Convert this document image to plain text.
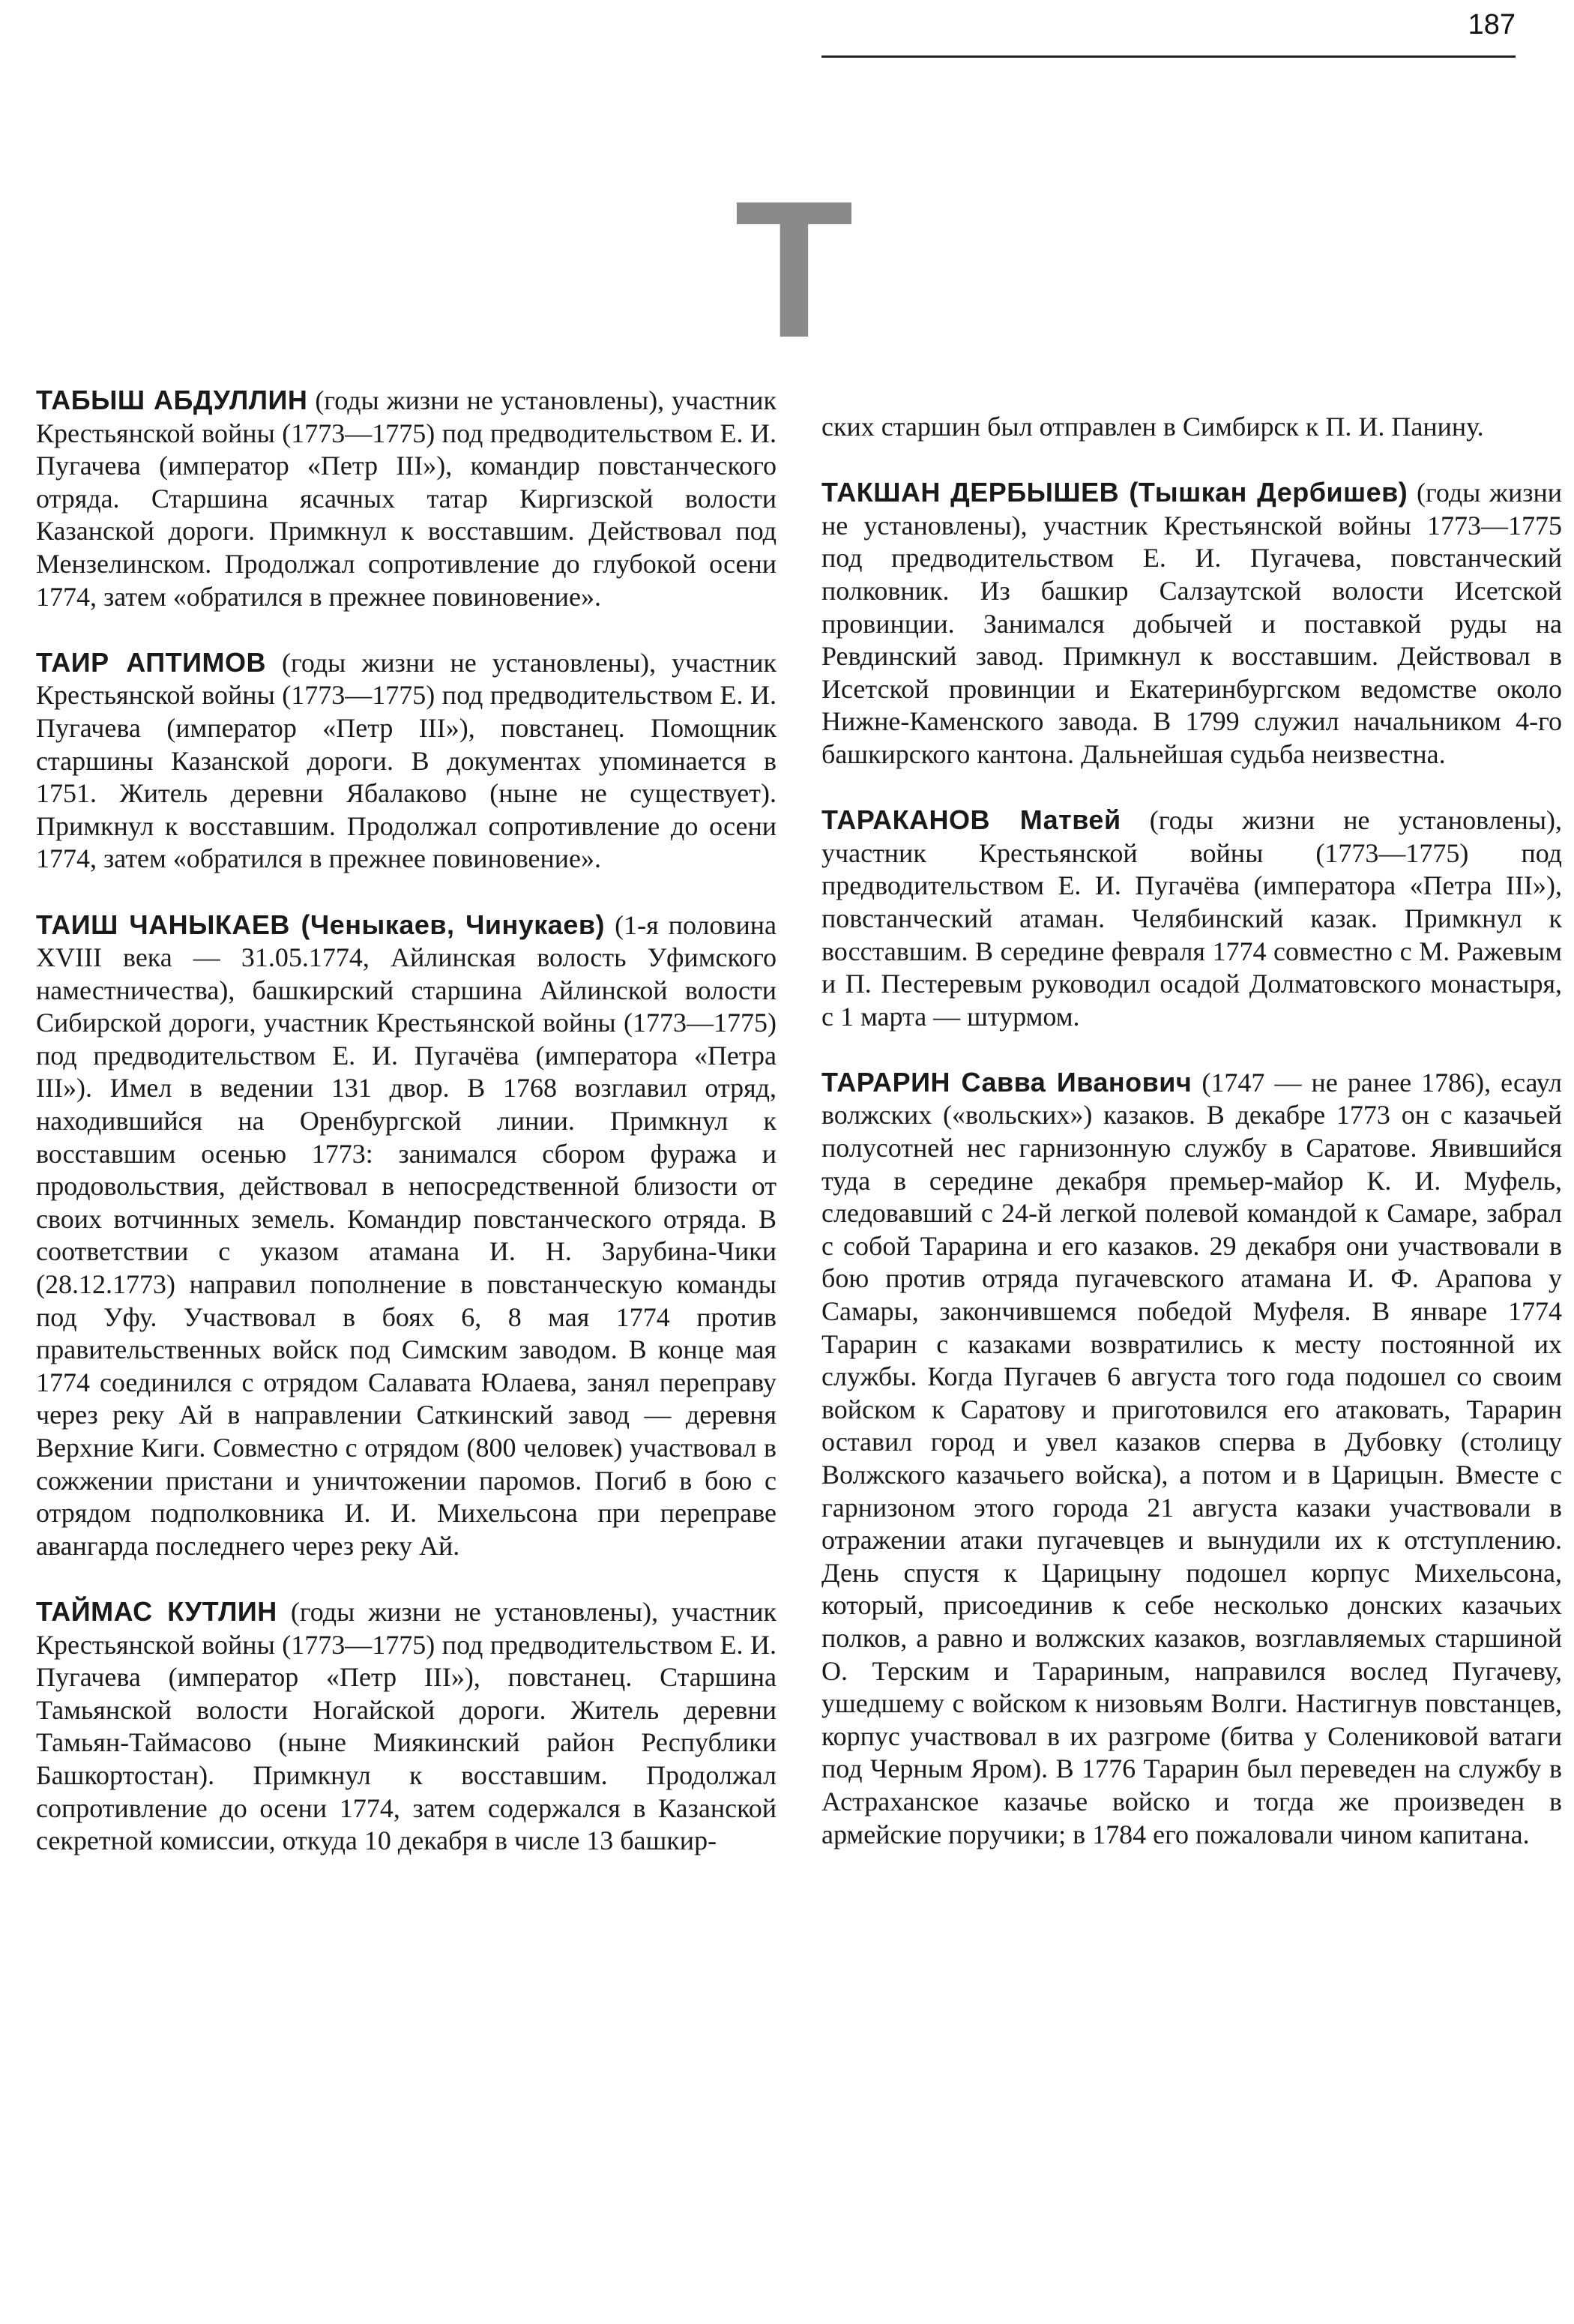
187
Т

ТАБЫШ АБДУЛЛИН (годы жизни не установлены), участник Крестьянской войны (1773—1775) под предводительством Е. И. Пугачева (император «Петр III»), командир повстанческого отряда. Старшина ясачных татар Киргизской волости Казанской дороги. Примкнул к восставшим. Действовал под Мензелинском. Продолжал сопротивление до глубокой осени 1774, затем «обратился в прежнее повиновение».

ТАИР АПТИМОВ (годы жизни не установлены), участник Крестьянской войны (1773—1775) под предводительством Е. И. Пугачева (император «Петр III»), повстанец. Помощник старшины Казанской дороги. В документах упоминается в 1751. Житель деревни Ябалаково (ныне не существует). Примкнул к восставшим. Продолжал сопротивление до осени 1774, затем «обратился в прежнее повиновение».

ТАИШ ЧАНЫКАЕВ (Ченыкаев, Чинукаев) (1-я половина XVIII века — 31.05.1774, Айлинская волость Уфимского наместничества), башкирский старшина Айлинской волости Сибирской дороги, участник Крестьянской войны (1773—1775) под предводительством Е. И. Пугачёва (императора «Петра III»). Имел в ведении 131 двор. В 1768 возглавил отряд, находившийся на Оренбургской линии. Примкнул к восставшим осенью 1773: занимался сбором фуража и продовольствия, действовал в непосредственной близости от своих вотчинных земель. Командир повстанческого отряда. В соответствии с указом атамана И. Н. Зарубина-Чики (28.12.1773) направил пополнение в повстанческую команды под Уфу. Участвовал в боях 6, 8 мая 1774 против правительственных войск под Симским заводом. В конце мая 1774 соединился с отрядом Салавата Юлаева, занял переправу через реку Ай в направлении Саткинский завод — деревня Верхние Киги. Совместно с отрядом (800 человек) участвовал в сожжении пристани и уничтожении паромов. Погиб в бою с отрядом подполковника И. И. Михельсона при переправе авангарда последнего через реку Ай.

ТАЙМАС КУТЛИН (годы жизни не установлены), участник Крестьянской войны (1773—1775) под предводительством Е. И. Пугачева (император «Петр III»), повстанец. Старшина Тамьянской волости Ногайской дороги. Житель деревни Тамьян-Таймасово (ныне Миякинский район Республики Башкортостан). Примкнул к восставшим. Продолжал сопротивление до осени 1774, затем содержался в Казанской секретной комиссии, откуда 10 декабря в числе 13 башкир-

ских старшин был отправлен в Симбирск к П. И. Панину.

ТАКШАН ДЕРБЫШЕВ (Тышкан Дербишев) (годы жизни не установлены), участник Крестьянской войны 1773—1775 под предводительством Е. И. Пугачева, повстанческий полковник. Из башкир Салзаутской волости Исетской провинции. Занимался добычей и поставкой руды на Ревдинский завод. Примкнул к восставшим. Действовал в Исетской провинции и Екатеринбургском ведомстве около Нижне-Каменского завода. В 1799 служил начальником 4-го башкирского кантона. Дальнейшая судьба неизвестна.

ТАРАКАНОВ Матвей (годы жизни не установлены), участник Крестьянской войны (1773—1775) под предводительством Е. И. Пугачёва (императора «Петра III»), повстанческий атаман. Челябинский казак. Примкнул к восставшим. В середине февраля 1774 совместно с М. Ражевым и П. Пестеревым руководил осадой Долматовского монастыря, с 1 марта — штурмом.

ТАРАРИН Савва Иванович (1747 — не ранее 1786), есаул волжских («вольских») казаков. В декабре 1773 он с казачьей полусотней нес гарнизонную службу в Саратове. Явившийся туда в середине декабря премьер-майор К. И. Муфель, следовавший с 24-й легкой полевой командой к Самаре, забрал с собой Тарарина и его казаков. 29 декабря они участвовали в бою против отряда пугачевского атамана И. Ф. Арапова у Самары, закончившемся победой Муфеля. В январе 1774 Тарарин с казаками возвратились к месту постоянной их службы. Когда Пугачев 6 августа того года подошел со своим войском к Саратову и приготовился его атаковать, Тарарин оставил город и увел казаков сперва в Дубовку (столицу Волжского казачьего войска), а потом и в Царицын. Вместе с гарнизоном этого города 21 августа казаки участвовали в отражении атаки пугачевцев и вынудили их к отступлению. День спустя к Царицыну подошел корпус Михельсона, который, присоединив к себе несколько донских казачьих полков, а равно и волжских казаков, возглавляемых старшиной О. Терским и Тарариным, направился вослед Пугачеву, ушедшему с войском к низовьям Волги. Настигнув повстанцев, корпус участвовал в их разгроме (битва у Солениковой ватаги под Черным Яром). В 1776 Тарарин был переведен на службу в Астраханское казачье войско и тогда же произведен в армейские поручики; в 1784 его пожаловали чином капитана.
